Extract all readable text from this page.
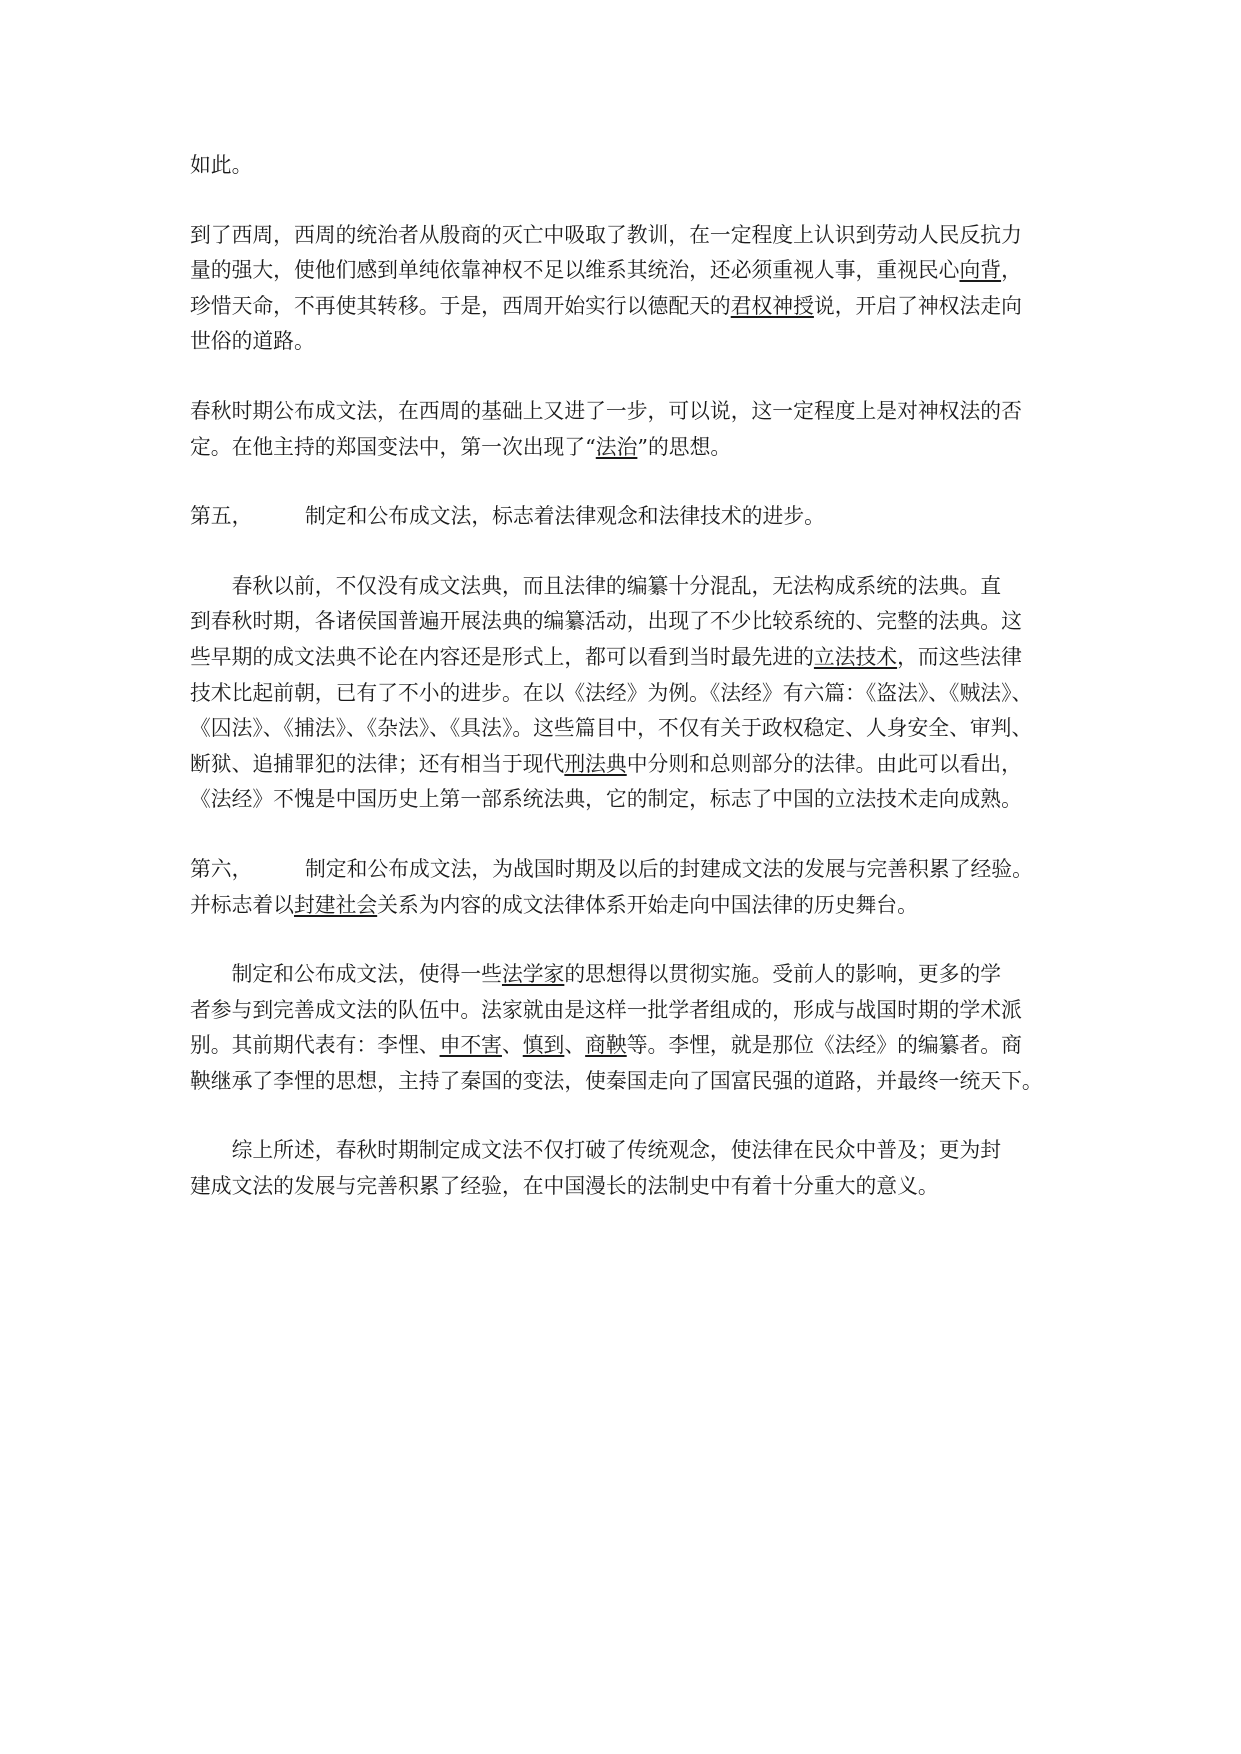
如此。
到了西周，西周的统治者从殷商的灭亡中吸取了教训，在一定程度上认识到劳动人民反抗力
量的强大，使他们感到单纯依靠神权不足以维系其统治，还必须重视人事，重视民心向背，
珍惜天命，不再使其转移。于是，西周开始实行以德配天的君权神授说，开启了神权法走向
世俗的道路。
春秋时期公布成文法，在西周的基础上又进了一步，可以说，这一定程度上是对神权法的否
定。在他主持的郑国变法中，第一次出现了“法治”的思想。
第五，	制定和公布成文法，标志着法律观念和法律技术的进步。
春秋以前，不仅没有成文法典，而且法律的编纂十分混乱，无法构成系统的法典。直
到春秋时期，各诸侯国普遍开展法典的编纂活动，出现了不少比较系统的、完整的法典。这
些早期的成文法典不论在内容还是形式上，都可以看到当时最先进的立法技术，而这些法律
技术比起前朝，已有了不小的进步。在以《法经》为例。《法经》有六篇：《盗法》、《贼法》、
《囚法》、《捕法》、《杂法》、《具法》。这些篇目中，不仅有关于政权稳定、人身安全、审判、
断狱、追捕罪犯的法律；还有相当于现代刑法典中分则和总则部分的法律。由此可以看出，
《法经》不愧是中国历史上第一部系统法典，它的制定，标志了中国的立法技术走向成熟。
第六，	制定和公布成文法，为战国时期及以后的封建成文法的发展与完善积累了经验。
并标志着以封建社会关系为内容的成文法律体系开始走向中国法律的历史舞台。
制定和公布成文法，使得一些法学家的思想得以贯彻实施。受前人的影响，更多的学
者参与到完善成文法的队伍中。法家就由是这样一批学者组成的，形成与战国时期的学术派
别。其前期代表有：李悝、申不害、慎到、商鞅等。李悝，就是那位《法经》的编纂者。商
鞅继承了李悝的思想，主持了秦国的变法，使秦国走向了国富民强的道路，并最终一统天下。
综上所述，春秋时期制定成文法不仅打破了传统观念，使法律在民众中普及；更为封
建成文法的发展与完善积累了经验，在中国漫长的法制史中有着十分重大的意义。
